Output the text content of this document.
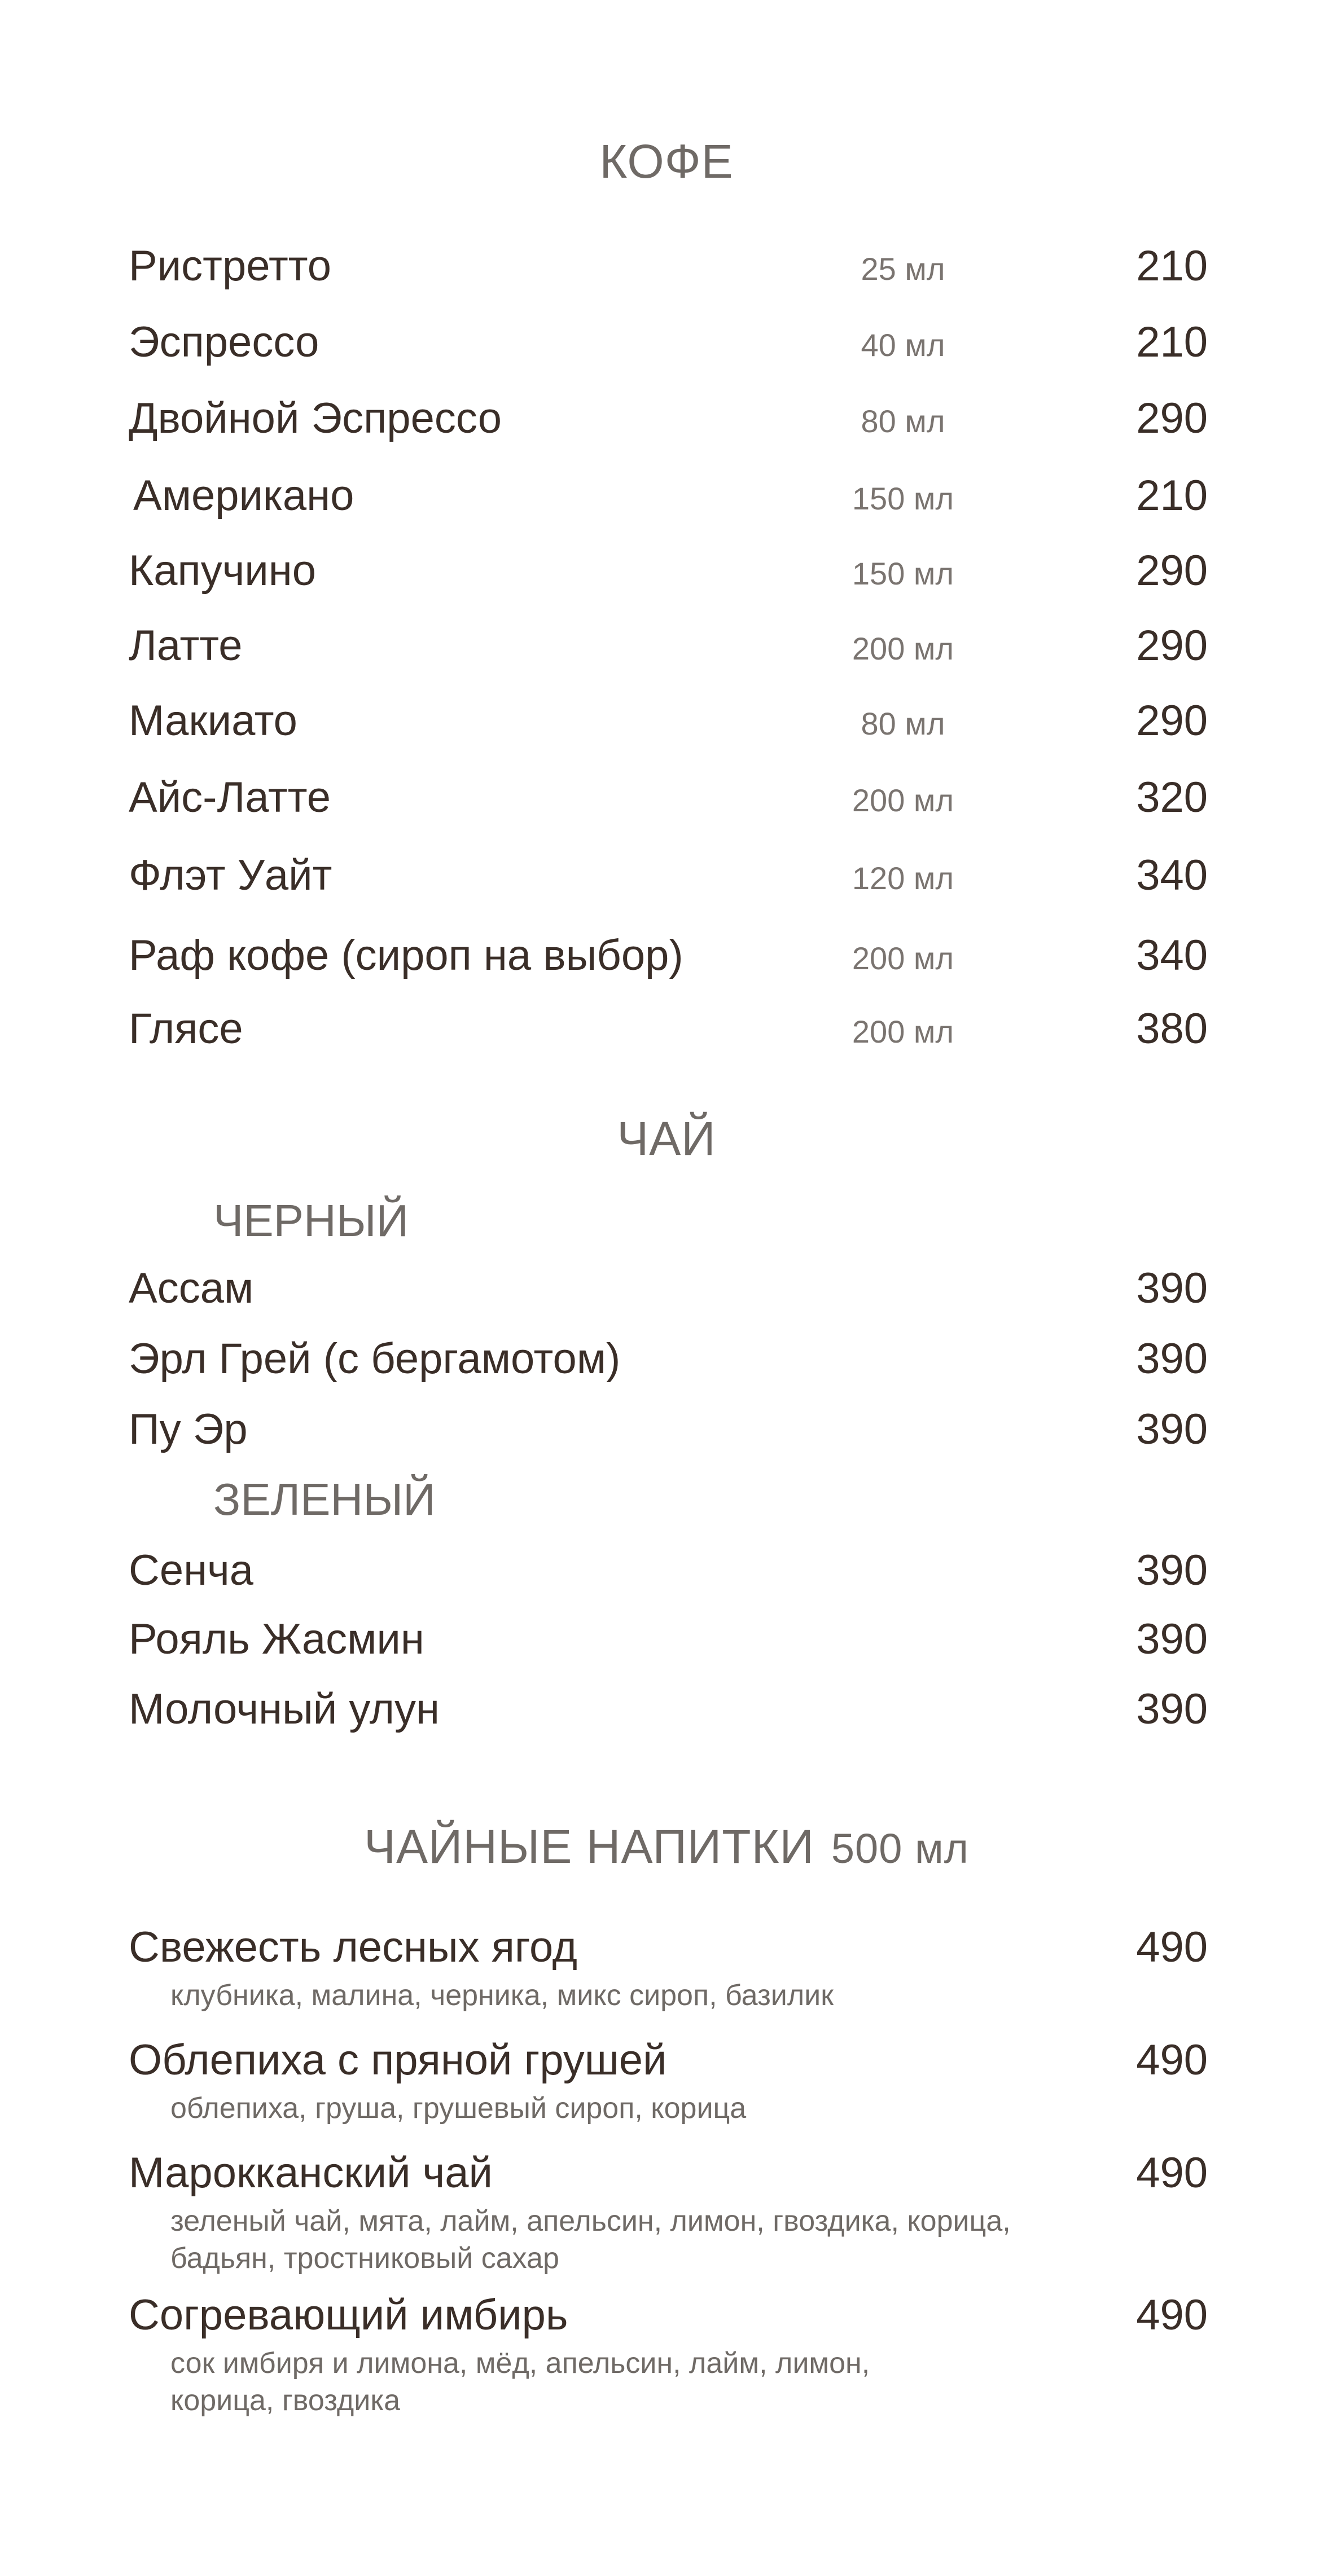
КОФЕ
Ристретто	25 мл	210
Эспрессо	40 мл	210
Двойной Эспрессо	80 мл	290
Американо	150 мл	210
Капучино	150 мл	290
Латте	200 мл	290
Макиато	80 мл	290
Айс-Латте	200 мл	320
Флэт Уайт	120 мл	340
Раф кофе (сироп на выбор)	200 мл	340
Глясе	200 мл	380
ЧАЙ
ЧЕРНЫЙ
Ассам	390
Эрл Грей (с бергамотом)	390
Пу Эр	390
ЗЕЛЕНЫЙ
Сенча	390
Рояль Жасмин	390
Молочный улун	390
ЧАЙНЫЕ НАПИТКИ 500 мл
Свежесть лесных ягод	490
клубника, малина, черника, микс сироп, базилик
Облепиха с пряной грушей	490
облепиха, груша, грушевый сироп, корица
Марокканский чай	490
зеленый чай, мята, лайм, апельсин, лимон, гвоздика, корица, бадьян, тростниковый сахар
Согревающий имбирь	490
сок имбиря и лимона, мёд, апельсин, лайм, лимон, корица, гвоздика
